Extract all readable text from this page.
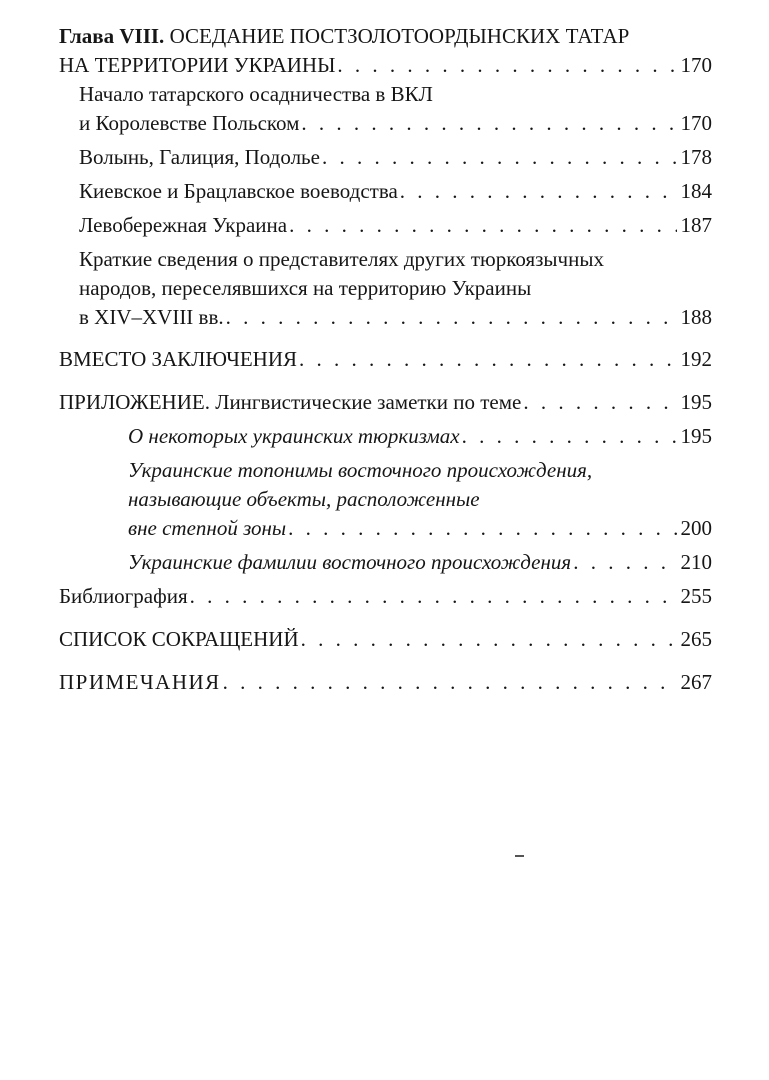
Глава VIII. ОСЕДАНИЕ ПОСТЗОЛОТООРДЫНСКИХ ТАТАР
НА ТЕРРИТОРИИ УКРАИНЫ . . .	170
Начало татарского осадничества в ВКЛ
и Королевстве Польском . . .	170
Волынь, Галиция, Подолье . . .	178
Киевское и Брацлавское воеводства . . .	184
Левобережная Украина . . .	187
Краткие сведения о представителях других тюркоязычных
народов, переселявшихся на территорию Украины
в XIV–XVIII вв. . . .	188
ВМЕСТО ЗАКЛЮЧЕНИЯ . . .	192
ПРИЛОЖЕНИЕ. Лингвистические заметки по теме . . .	195
О некоторых украинских тюркизмах . . .	195
Украинские топонимы восточного происхождения,
называющие объекты, расположенные
вне степной зоны . . .	200
Украинские фамилии восточного происхождения . . .	210
Библиография . . .	255
СПИСОК СОКРАЩЕНИЙ . . .	265
ПРИМЕЧАНИЯ . . .	267
